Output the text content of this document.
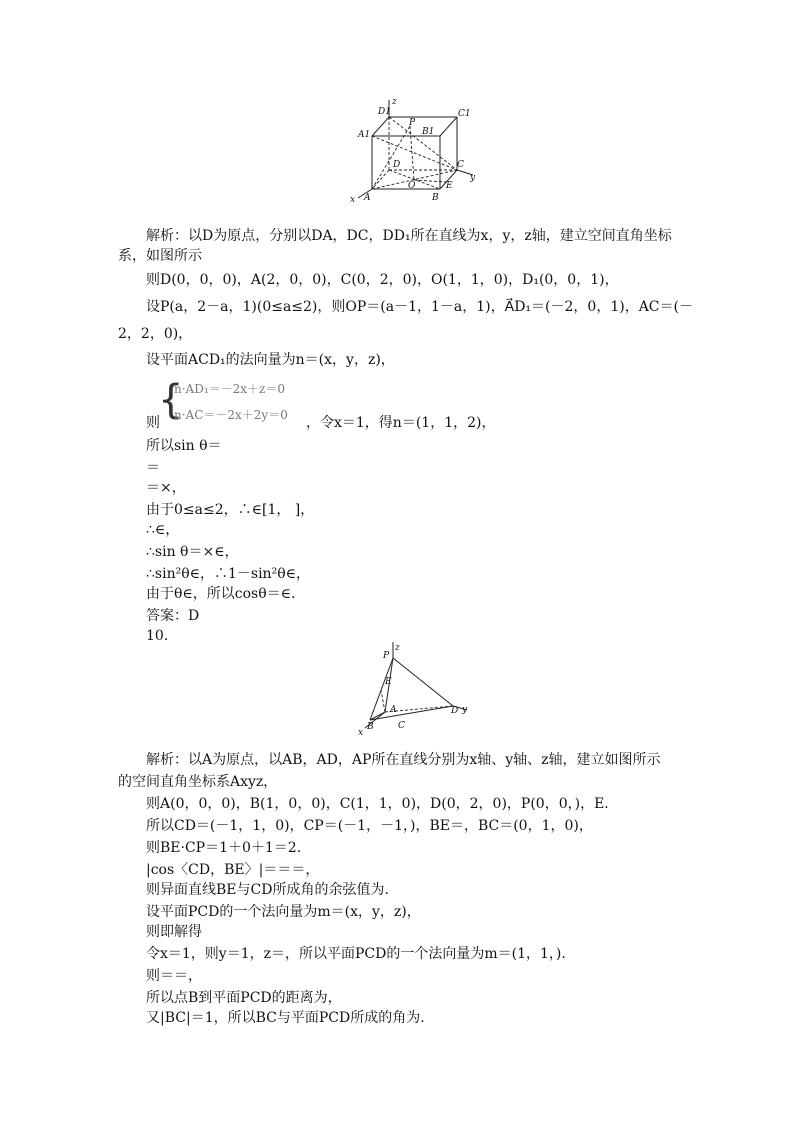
D1
z
C1
A1
P
B1
D	C
y
O	E
x A	B
解析：以D为原点，分别以DA，DC，DD₁所在直线为x，y，z轴，建立空间直角坐标
系，如图所示
则D(0，0，0)，A(2，0，0)，C(0，2，0)，O(1，1，0)，D₁(0，0，1)，
设P(a，2－a，1)(0≤a≤2)，则OP＝(a－1，1－a，1)，A⃗D₁＝(－2，0，1)，AC＝(－
2，2，0)，
设平面ACD₁的法向量为n＝(x，y，z)，
则
{
n·AD₁＝－2x＋z＝0
n·AC＝－2x＋2y＝0 ，令x＝1，得n＝(1，1，2)，
所以sin θ＝
＝
＝×，
由于0≤a≤2，∴∈[1， ]，
∴∈，
∴sin θ＝×∈，
∴sin²θ∈，∴1－sin²θ∈，
由于θ∈，所以cosθ＝∈.
答案：D
10.
P
z
E
A	D y
x
B	C
解析：以A为原点，以AB，AD，AP所在直线分别为x轴、y轴、z轴，建立如图所示
的空间直角坐标系Axyz，
则A(0，0，0)，B(1，0，0)，C(1，1，0)，D(0，2，0)，P(0，0，)，E.
所以CD＝(－1，1，0)，CP＝(－1，－1，)，BE＝，BC＝(0，1，0)，
则BE·CP＝1＋0＋1＝2.
|cos〈CD，BE〉|＝＝＝，
则异面直线BE与CD所成角的余弦值为.
设平面PCD的一个法向量为m＝(x，y，z)，
则即解得
令x＝1，则y＝1，z＝，所以平面PCD的一个法向量为m＝(1，1，).
则＝＝，
所以点B到平面PCD的距离为，
又|BC|＝1，所以BC与平面PCD所成的角为.
